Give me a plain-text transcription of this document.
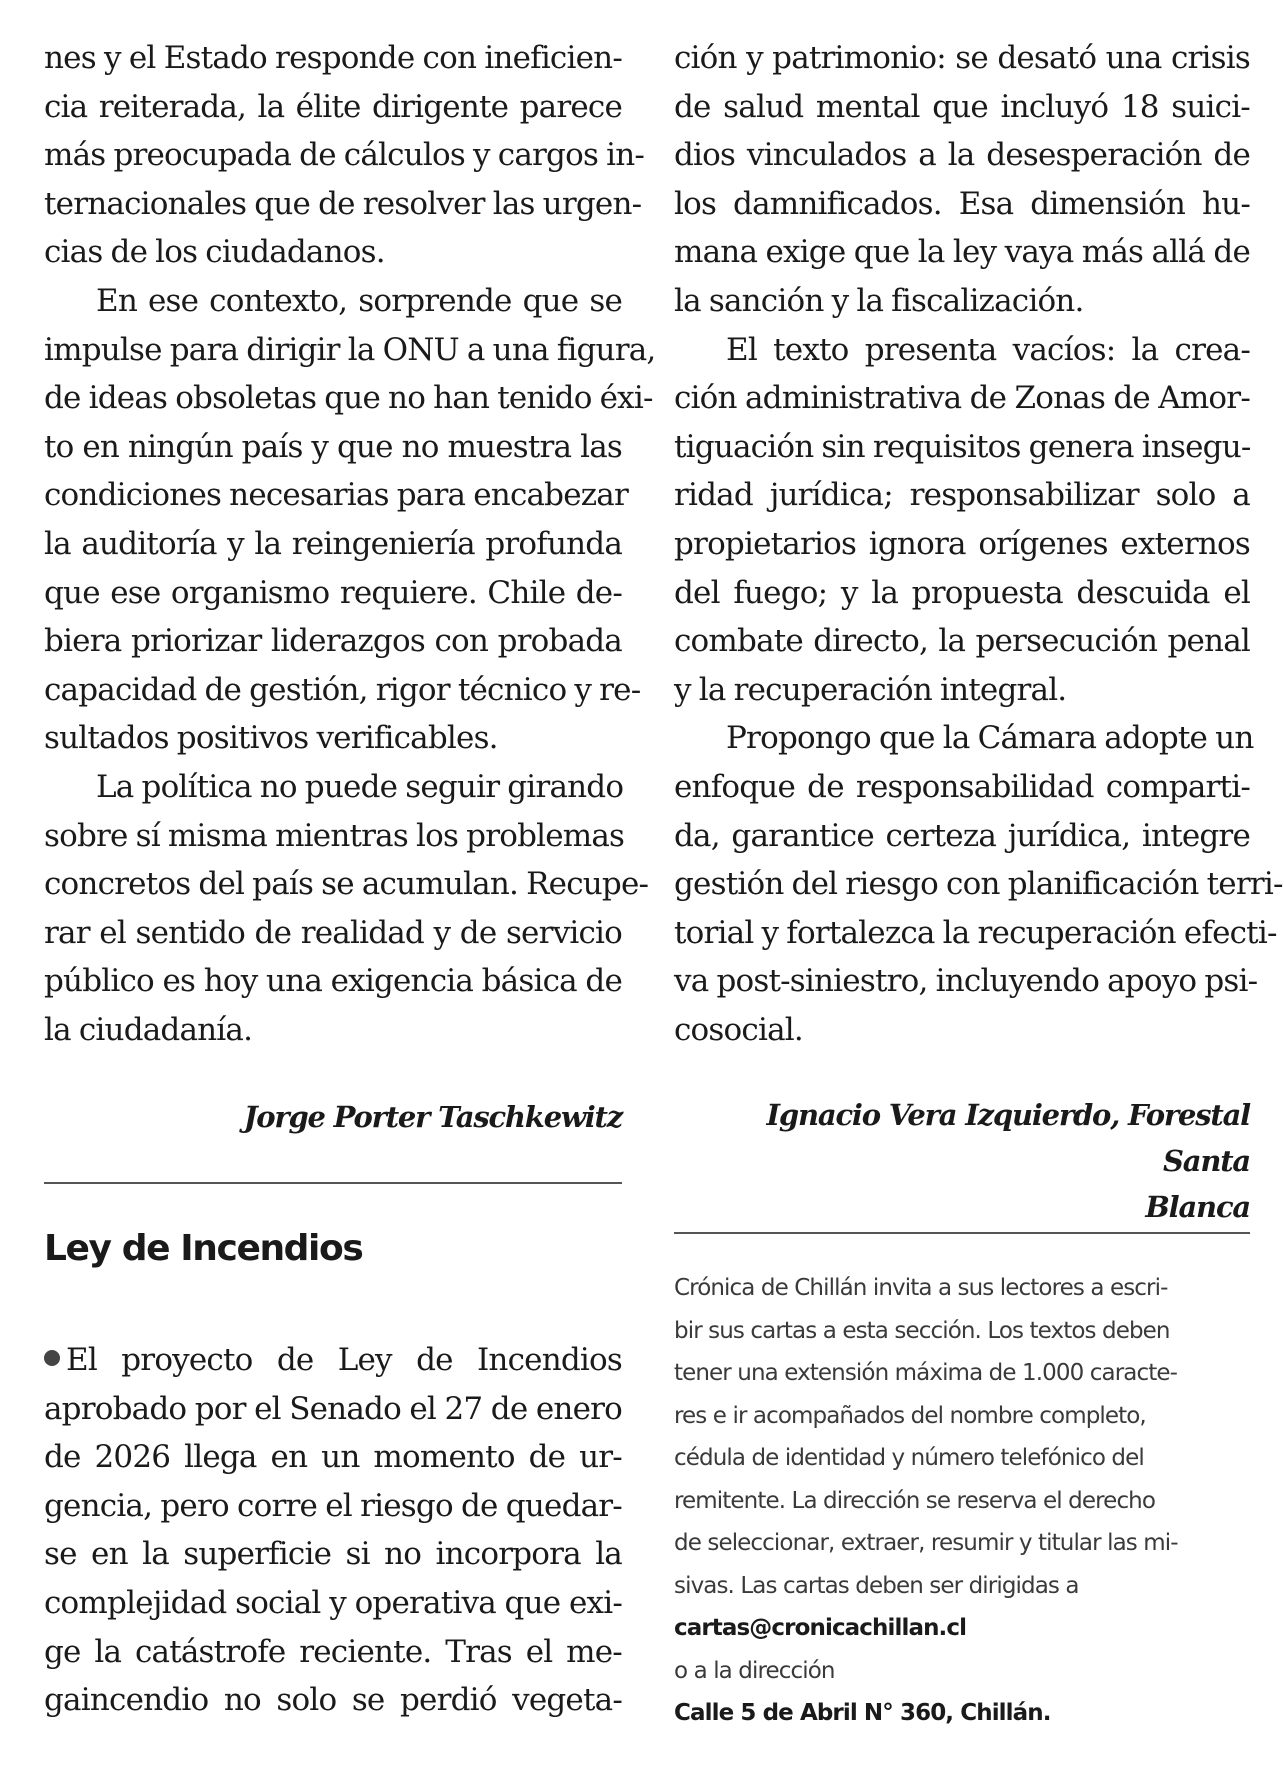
nes y el Estado responde con ineficien-
cia reiterada, la élite dirigente parece
más preocupada de cálculos y cargos in-
ternacionales que de resolver las urgen-
cias de los ciudadanos.
En ese contexto, sorprende que se
impulse para dirigir la ONU a una figura,
de ideas obsoletas que no han tenido éxi-
to en ningún país y que no muestra las
condiciones necesarias para encabezar
la auditoría y la reingeniería profunda
que ese organismo requiere. Chile de-
biera priorizar liderazgos con probada
capacidad de gestión, rigor técnico y re-
sultados positivos verificables.
La política no puede seguir girando
sobre sí misma mientras los problemas
concretos del país se acumulan. Recupe-
rar el sentido de realidad y de servicio
público es hoy una exigencia básica de
la ciudadanía.
Jorge Porter Taschkewitz
Ley de Incendios
El proyecto de Ley de Incendios
aprobado por el Senado el 27 de enero
de 2026 llega en un momento de ur-
gencia, pero corre el riesgo de quedar-
se en la superficie si no incorpora la
complejidad social y operativa que exi-
ge la catástrofe reciente. Tras el me-
gaincendio no solo se perdió vegeta-
ción y patrimonio: se desató una crisis
de salud mental que incluyó 18 suici-
dios vinculados a la desesperación de
los damnificados. Esa dimensión hu-
mana exige que la ley vaya más allá de
la sanción y la fiscalización.
El texto presenta vacíos: la crea-
ción administrativa de Zonas de Amor-
tiguación sin requisitos genera insegu-
ridad jurídica; responsabilizar solo a
propietarios ignora orígenes externos
del fuego; y la propuesta descuida el
combate directo, la persecución penal
y la recuperación integral.
Propongo que la Cámara adopte un
enfoque de responsabilidad comparti-
da, garantice certeza jurídica, integre
gestión del riesgo con planificación terri-
torial y fortalezca la recuperación efecti-
va post-siniestro, incluyendo apoyo psi-
cosocial.
Ignacio Vera Izquierdo, Forestal Santa
Blanca
Crónica de Chillán invita a sus lectores a escri-
bir sus cartas a esta sección. Los textos deben
tener una extensión máxima de 1.000 caracte-
res e ir acompañados del nombre completo,
cédula de identidad y número telefónico del
remitente. La dirección se reserva el derecho
de seleccionar, extraer, resumir y titular las mi-
sivas. Las cartas deben ser dirigidas a
cartas@cronicachillan.cl
o a la dirección
Calle 5 de Abril N° 360, Chillán.
